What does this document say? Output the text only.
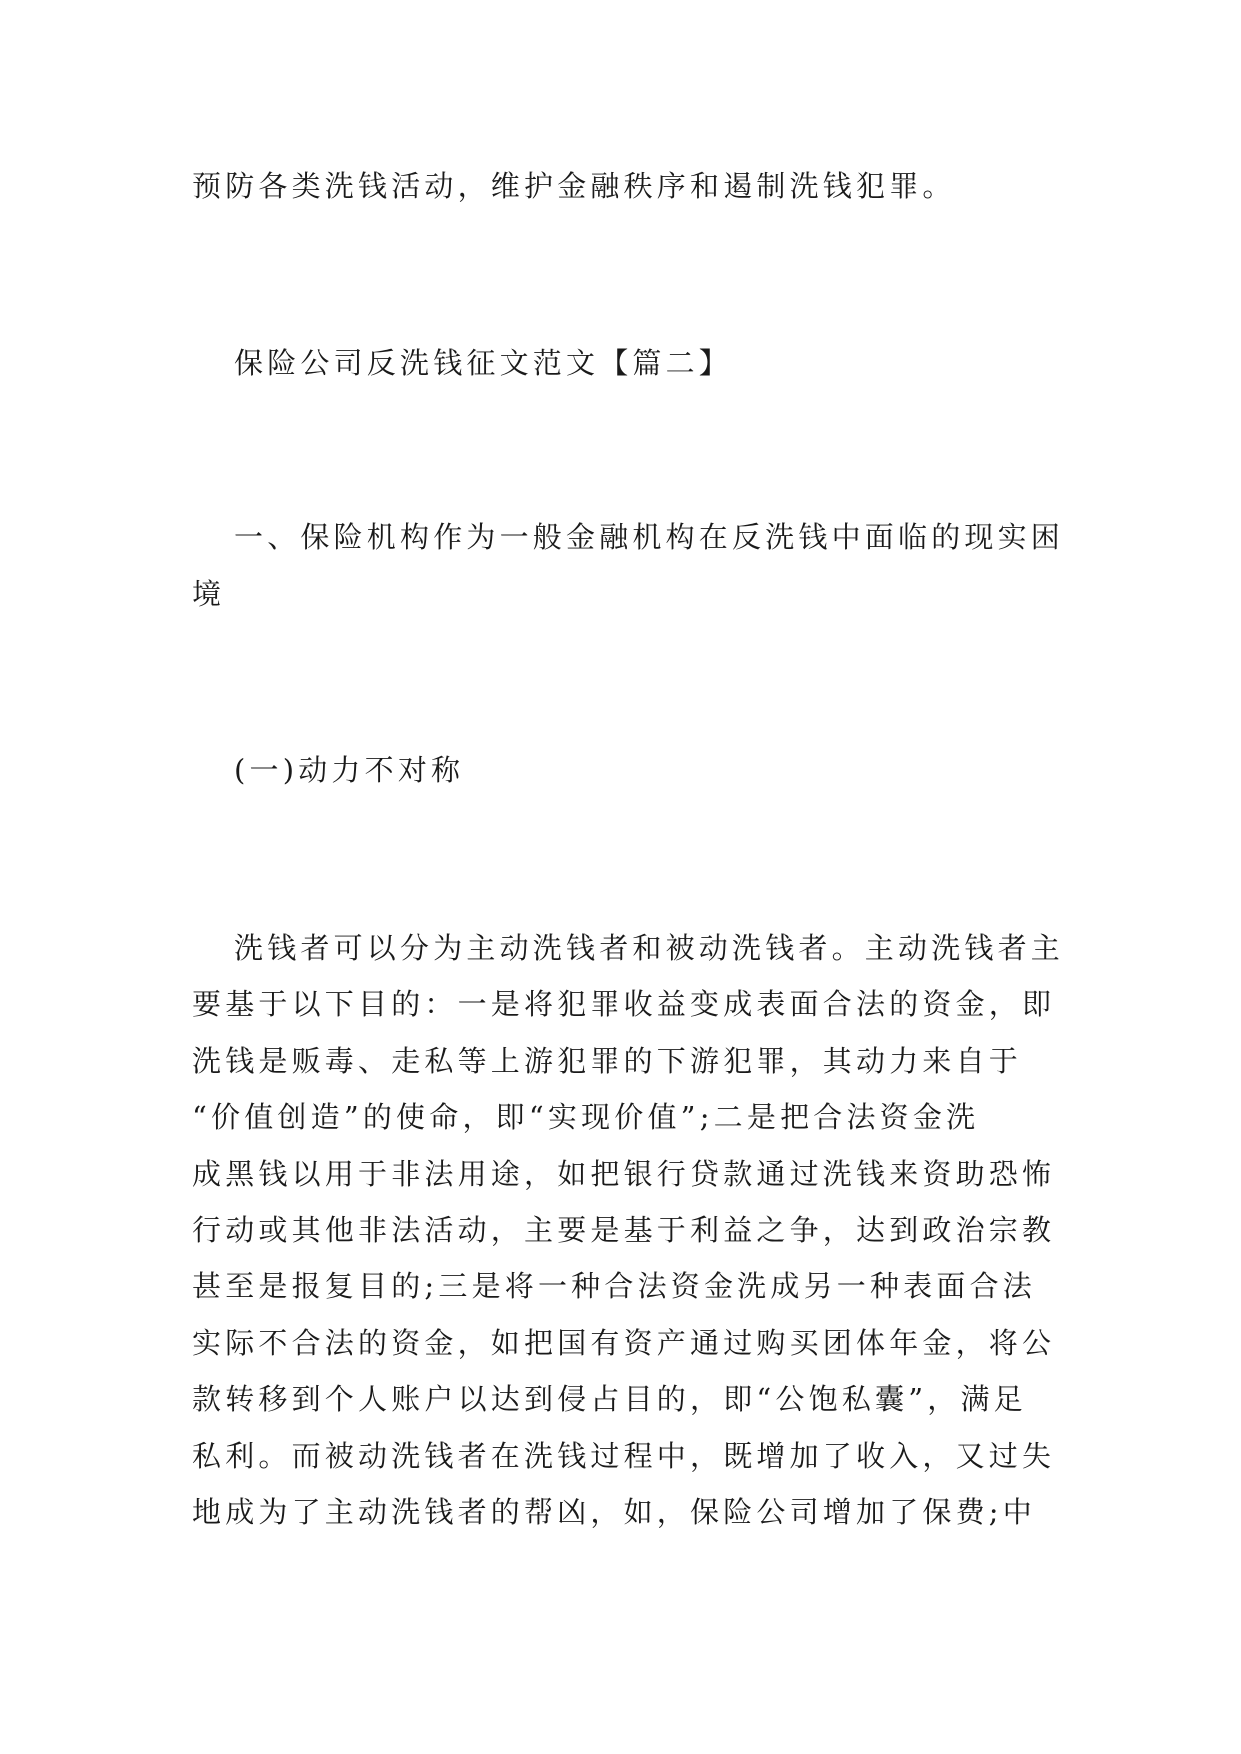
预防各类洗钱活动，维护金融秩序和遏制洗钱犯罪。

保险公司反洗钱征文范文【篇二】

一、保险机构作为一般金融机构在反洗钱中面临的现实困

境

(一)动力不对称

洗钱者可以分为主动洗钱者和被动洗钱者。主动洗钱者主
要基于以下目的：一是将犯罪收益变成表面合法的资金，即
洗钱是贩毒、走私等上游犯罪的下游犯罪，其动力来自于
“价值创造”的使命，即“实现价值”;二是把合法资金洗
成黑钱以用于非法用途，如把银行贷款通过洗钱来资助恐怖
行动或其他非法活动，主要是基于利益之争，达到政治宗教
甚至是报复目的;三是将一种合法资金洗成另一种表面合法
实际不合法的资金，如把国有资产通过购买团体年金，将公
款转移到个人账户以达到侵占目的，即“公饱私囊”，满足
私利。而被动洗钱者在洗钱过程中，既增加了收入，又过失
地成为了主动洗钱者的帮凶，如，保险公司增加了保费;中
